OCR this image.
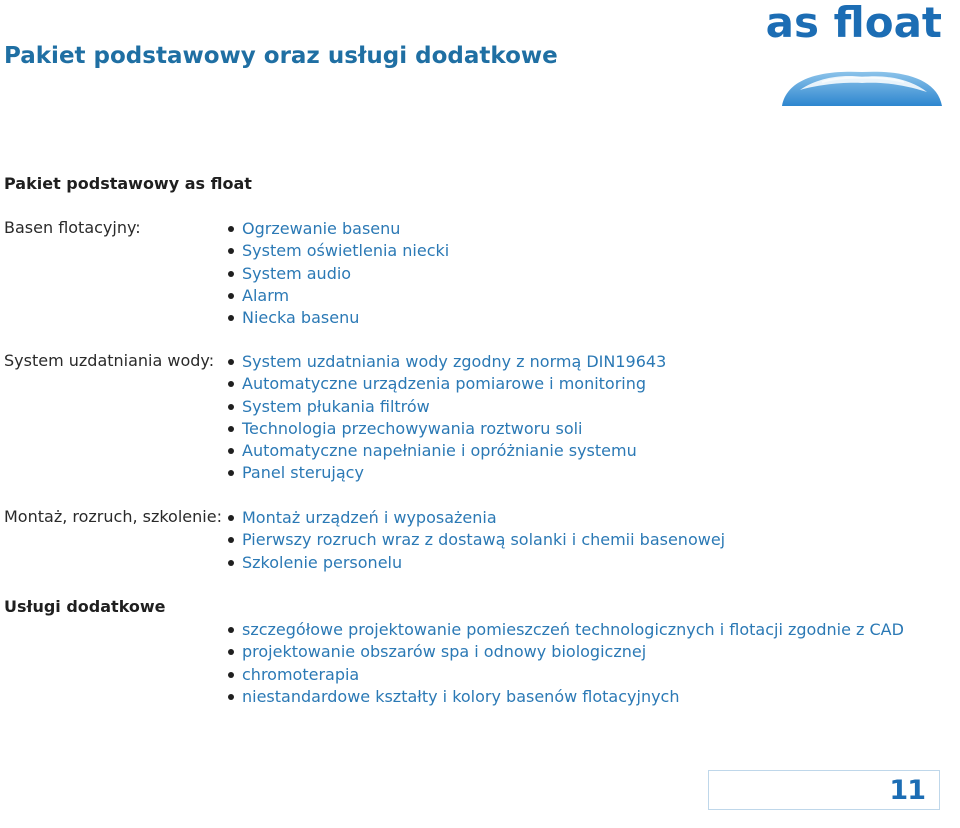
Pakiet podstawowy oraz usługi dodatkowe
as float
Pakiet podstawowy as float
Basen flotacyjny:	Ogrzewanie basenu
System oświetlenia niecki
System audio
Alarm
Niecka basenu
System uzdatniania wody:	System uzdatniania wody zgodny z normą DIN19643
Automatyczne urządzenia pomiarowe i monitoring
System płukania filtrów
Technologia przechowywania roztworu soli
Automatyczne napełnianie i opróżnianie systemu
Panel sterujący
Montaż, rozruch, szkolenie:	Montaż urządzeń i wyposażenia
Pierwszy rozruch wraz z dostawą solanki i chemii basenowej
Szkolenie personelu
Usługi dodatkowe
szczegółowe projektowanie pomieszczeń technologicznych i flotacji zgodnie z CAD
projektowanie obszarów spa i odnowy biologicznej
chromoterapia
niestandardowe kształty i kolory basenów flotacyjnych
11
